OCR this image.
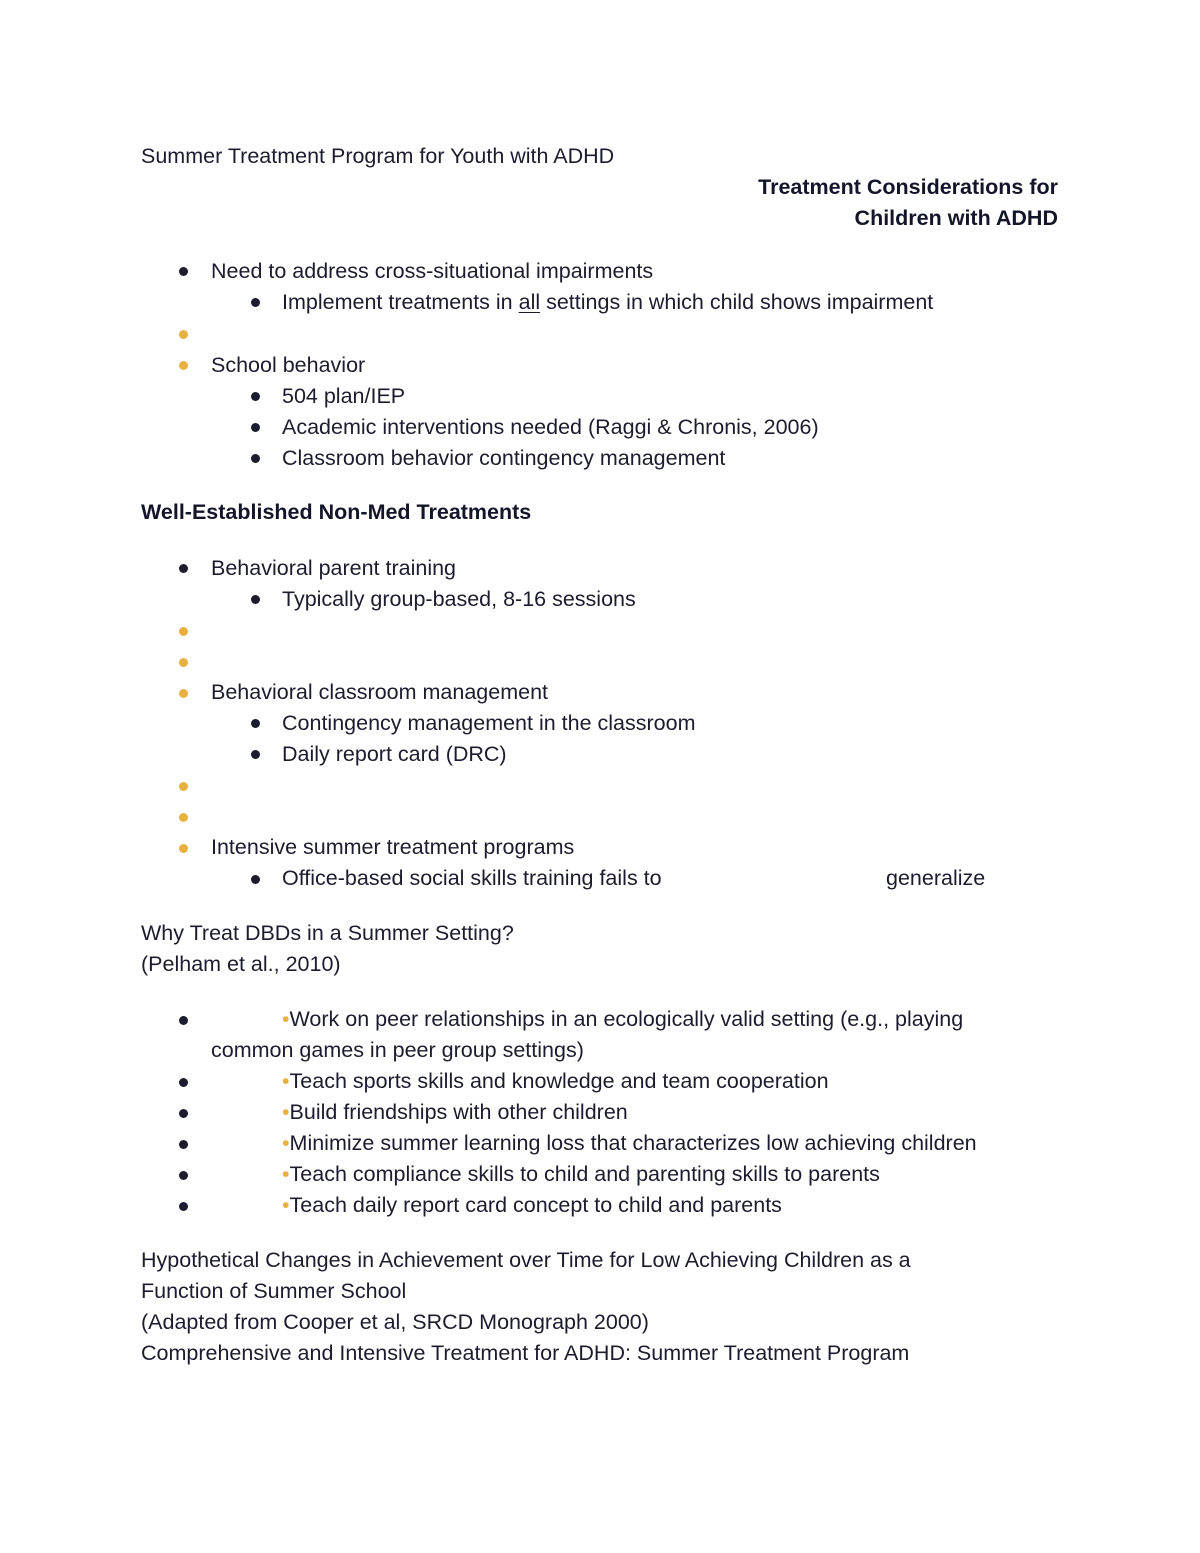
Summer Treatment Program for Youth with ADHD
Treatment Considerations for
Children with ADHD
Need to address cross-situational impairments
Implement treatments in all settings in which child shows impairment
School behavior
504 plan/IEP
Academic interventions needed (Raggi & Chronis, 2006)
Classroom behavior contingency management
Well-Established Non-Med Treatments
Behavioral parent training
Typically group-based, 8-16 sessions
Behavioral classroom management
Contingency management in the classroom
Daily report card (DRC)
Intensive summer treatment programs
Office-based social skills training fails to	generalize
Why Treat DBDs in a Summer Setting?
(Pelham et al., 2010)
•Work on peer relationships in an ecologically valid setting (e.g., playing
common games in peer group settings)
•Teach sports skills and knowledge and team cooperation
•Build friendships with other children
•Minimize summer learning loss that characterizes low achieving children
•Teach compliance skills to child and parenting skills to parents
•Teach daily report card concept to child and parents
Hypothetical Changes in Achievement over Time for Low Achieving Children as a
Function of Summer School
(Adapted from Cooper et al, SRCD Monograph 2000)
Comprehensive and Intensive Treatment for ADHD: Summer Treatment Program
